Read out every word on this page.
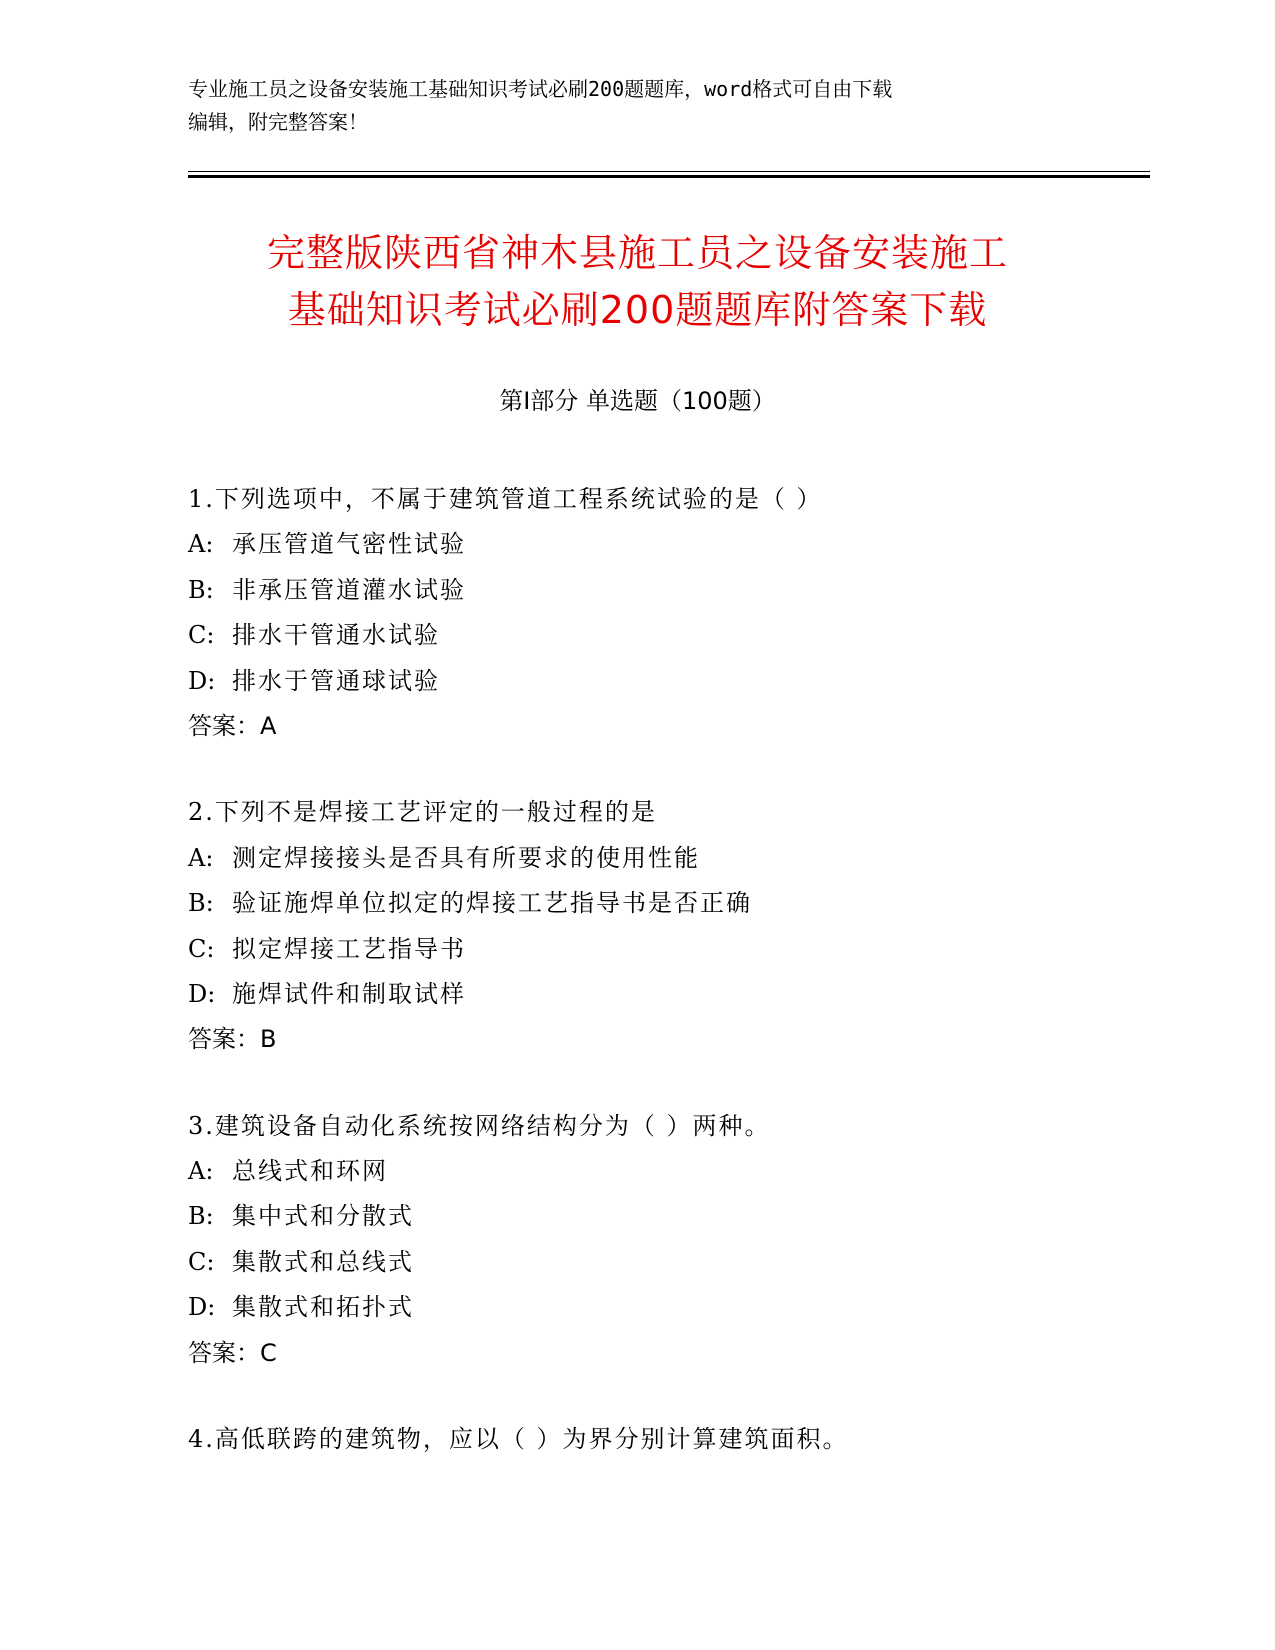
专业施工员之设备安装施工基础知识考试必刷200题题库，word格式可自由下载
编辑，附完整答案！
完整版陕西省神木县施工员之设备安装施工
基础知识考试必刷200题题库附答案下载
第Ⅰ部分 单选题（100题）
1.下列选项中，不属于建筑管道工程系统试验的是（ ）
A: 承压管道气密性试验
B: 非承压管道灌水试验
C: 排水干管通水试验
D: 排水于管通球试验
答案：A
2.下列不是焊接工艺评定的一般过程的是
A: 测定焊接接头是否具有所要求的使用性能
B: 验证施焊单位拟定的焊接工艺指导书是否正确
C: 拟定焊接工艺指导书
D: 施焊试件和制取试样
答案：B
3.建筑设备自动化系统按网络结构分为（ ）两种。
A: 总线式和环网
B: 集中式和分散式
C: 集散式和总线式
D: 集散式和拓扑式
答案：C
4.高低联跨的建筑物，应以（ ）为界分别计算建筑面积。
